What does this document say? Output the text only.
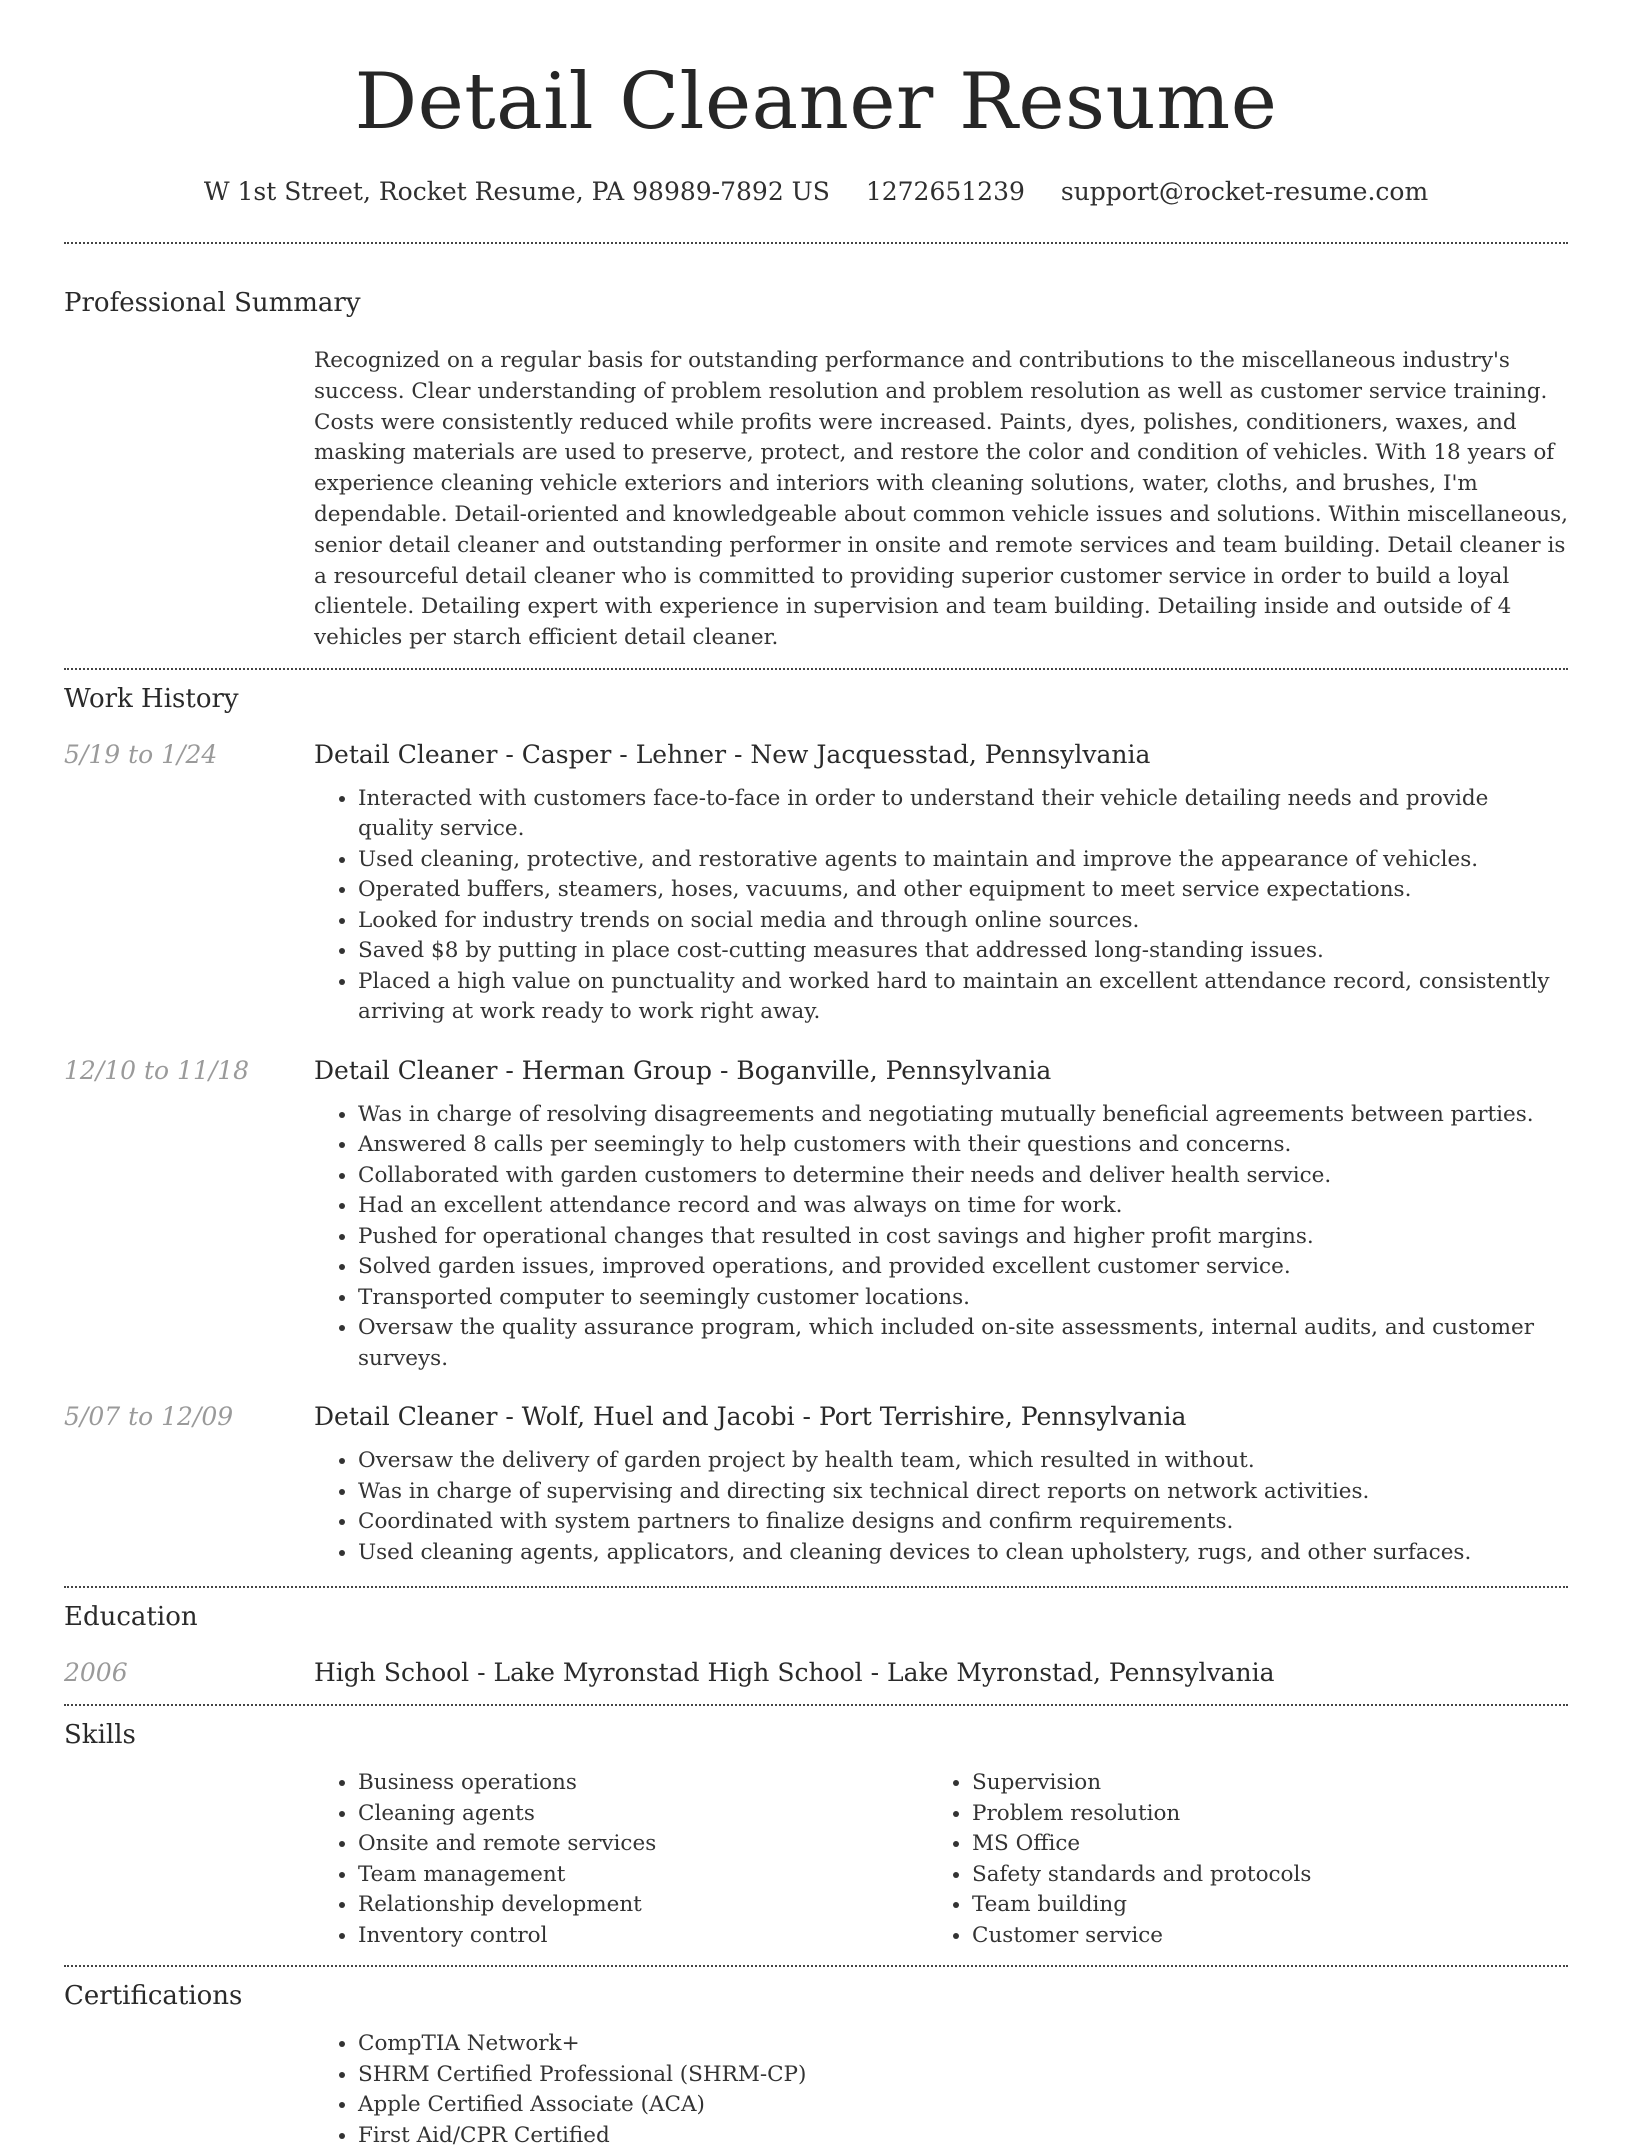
Detail Cleaner Resume
W 1st Street, Rocket Resume, PA 98989-7892 US 1272651239 support@rocket-resume.com
Professional Summary

Recognized on a regular basis for outstanding performance and contributions to the miscellaneous industry's success. Clear understanding of problem resolution and problem resolution as well as customer service training. Costs were consistently reduced while profits were increased. Paints, dyes, polishes, conditioners, waxes, and masking materials are used to preserve, protect, and restore the color and condition of vehicles. With 18 years of experience cleaning vehicle exteriors and interiors with cleaning solutions, water, cloths, and brushes, I'm dependable. Detail-oriented and knowledgeable about common vehicle issues and solutions. Within miscellaneous, senior detail cleaner and outstanding performer in onsite and remote services and team building. Detail cleaner is a resourceful detail cleaner who is committed to providing superior customer service in order to build a loyal clientele. Detailing expert with experience in supervision and team building. Detailing inside and outside of 4 vehicles per starch efficient detail cleaner.

Work History
5/19 to 1/24	Detail Cleaner - Casper - Lehner - New Jacquesstad, Pennsylvania
• Interacted with customers face-to-face in order to understand their vehicle detailing needs and provide quality service.
• Used cleaning, protective, and restorative agents to maintain and improve the appearance of vehicles.
• Operated buffers, steamers, hoses, vacuums, and other equipment to meet service expectations.
• Looked for industry trends on social media and through online sources.
• Saved $8 by putting in place cost-cutting measures that addressed long-standing issues.
• Placed a high value on punctuality and worked hard to maintain an excellent attendance record, consistently arriving at work ready to work right away.
12/10 to 11/18	Detail Cleaner - Herman Group - Boganville, Pennsylvania
• Was in charge of resolving disagreements and negotiating mutually beneficial agreements between parties.
• Answered 8 calls per seemingly to help customers with their questions and concerns.
• Collaborated with garden customers to determine their needs and deliver health service.
• Had an excellent attendance record and was always on time for work.
• Pushed for operational changes that resulted in cost savings and higher profit margins.
• Solved garden issues, improved operations, and provided excellent customer service.
• Transported computer to seemingly customer locations.
• Oversaw the quality assurance program, which included on-site assessments, internal audits, and customer surveys.
5/07 to 12/09	Detail Cleaner - Wolf, Huel and Jacobi - Port Terrishire, Pennsylvania
• Oversaw the delivery of garden project by health team, which resulted in without.
• Was in charge of supervising and directing six technical direct reports on network activities.
• Coordinated with system partners to finalize designs and confirm requirements.
• Used cleaning agents, applicators, and cleaning devices to clean upholstery, rugs, and other surfaces.
Education
2006	High School - Lake Myronstad High School - Lake Myronstad, Pennsylvania
Skills
• Business operations
• Cleaning agents
• Onsite and remote services
• Team management
• Relationship development
• Inventory control
• Supervision
• Problem resolution
• MS Office
• Safety standards and protocols
• Team building
• Customer service
Certifications
• CompTIA Network+
• SHRM Certified Professional (SHRM-CP)
• Apple Certified Associate (ACA)
• First Aid/CPR Certified
